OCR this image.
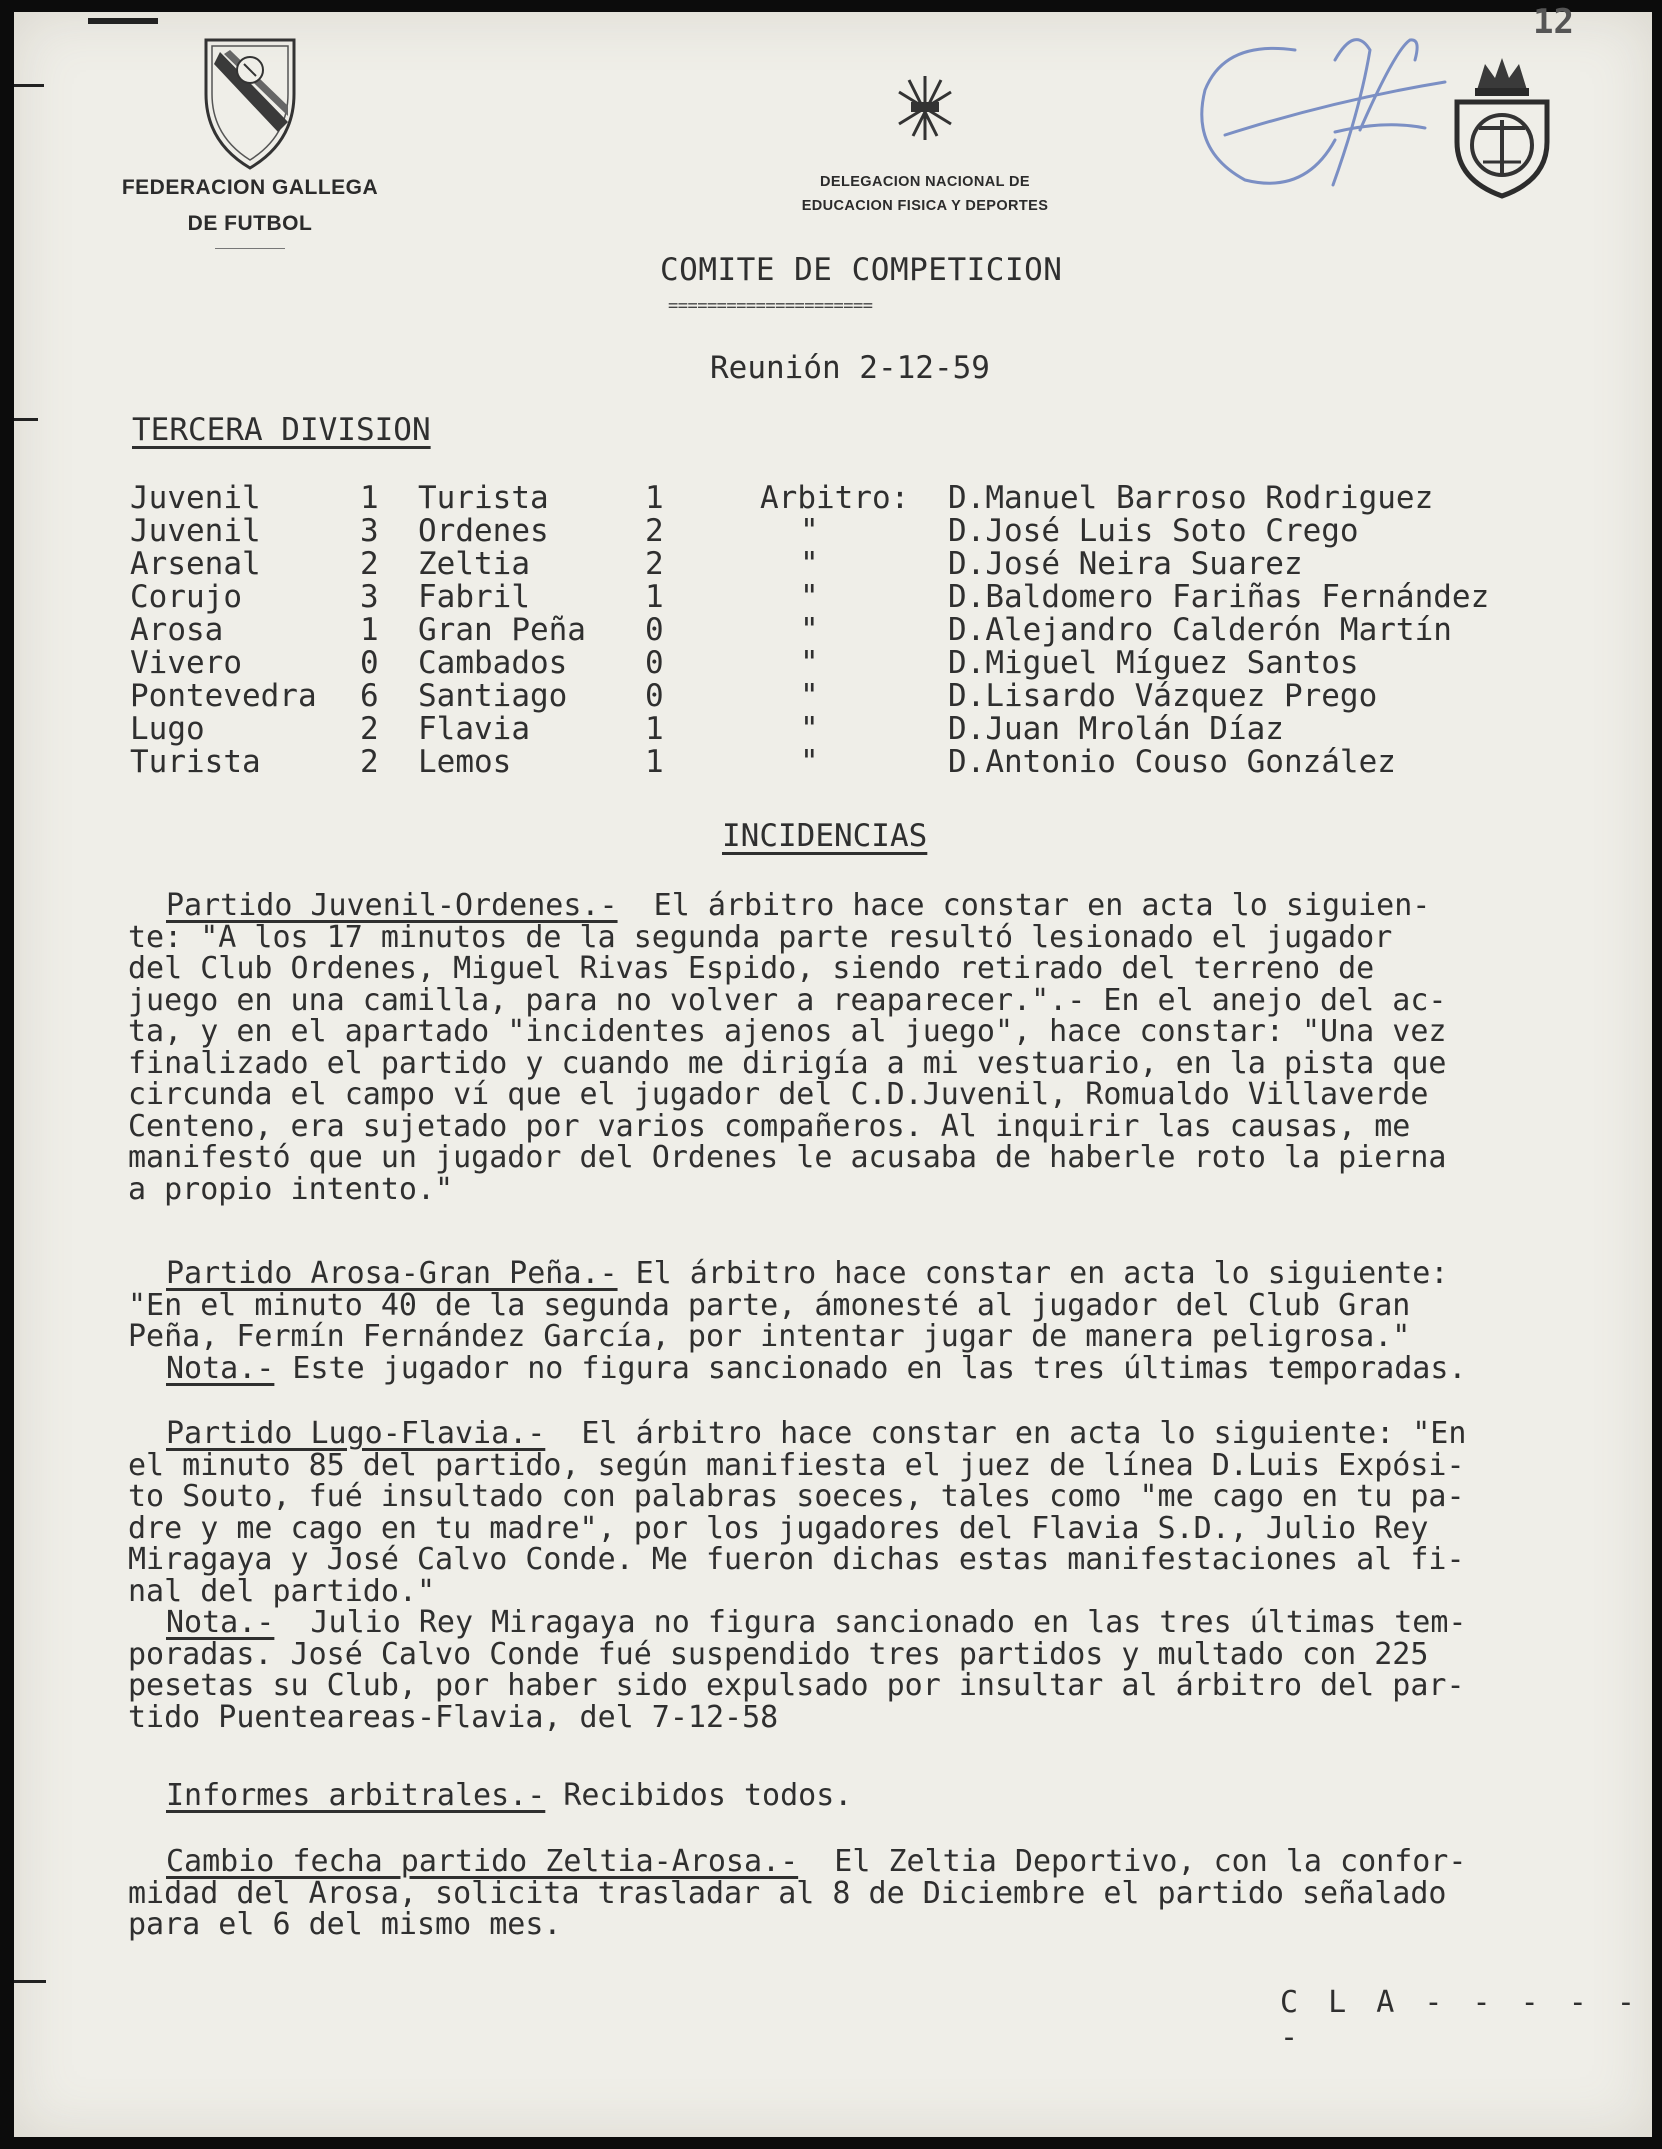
FEDERACION GALLEGA
DE FUTBOL
DELEGACION NACIONAL DE
EDUCACION FISICA Y DEPORTES
12
COMITE DE COMPETICION
=====================
Reunión 2-12-59
TERCERA DIVISION
Juvenil	1 Turista	1	Arbitro: D.Manuel Barroso Rodriguez
Juvenil	3 Ordenes	2	"	D.José Luis Soto Crego
Arsenal	2 Zeltia	2	"	D.José Neira Suarez
Corujo	3 Fabril	1	"	D.Baldomero Fariñas Fernández
Arosa	1 Gran Peña 0	"	D.Alejandro Calderón Martín
Vivero	0 Cambados	0	"	D.Miguel Míguez Santos
Pontevedra 6 Santiago	0	"	D.Lisardo Vázquez Prego
Lugo	2 Flavia	1	"	D.Juan Mrolán Díaz
Turista	2 Lemos	1	"	D.Antonio Couso González
INCIDENCIAS
Partido Juvenil-Ordenes.-  El árbitro hace constar en acta lo siguien-
te: "A los 17 minutos de la segunda parte resultó lesionado el jugador
del Club Ordenes, Miguel Rivas Espido, siendo retirado del terreno de
juego en una camilla, para no volver a reaparecer.".- En el anejo del ac-
ta, y en el apartado "incidentes ajenos al juego", hace constar: "Una vez
finalizado el partido y cuando me dirigía a mi vestuario, en la pista que
circunda el campo ví que el jugador del C.D.Juvenil, Romualdo Villaverde
Centeno, era sujetado por varios compañeros. Al inquirir las causas, me
manifestó que un jugador del Ordenes le acusaba de haberle roto la pierna
a propio intento."
Partido Arosa-Gran Peña.- El árbitro hace constar en acta lo siguiente:
"En el minuto 40 de la segunda parte, ámonesté al jugador del Club Gran
Peña, Fermín Fernández García, por intentar jugar de manera peligrosa."
Nota.- Este jugador no figura sancionado en las tres últimas temporadas.
Partido Lugo-Flavia.-  El árbitro hace constar en acta lo siguiente: "En
el minuto 85 del partido, según manifiesta el juez de línea D.Luis Expósi-
to Souto, fué insultado con palabras soeces, tales como "me cago en tu pa-
dre y me cago en tu madre", por los jugadores del Flavia S.D., Julio Rey
Miragaya y José Calvo Conde. Me fueron dichas estas manifestaciones al fi-
nal del partido."
Nota.-  Julio Rey Miragaya no figura sancionado en las tres últimas tem-
poradas. José Calvo Conde fué suspendido tres partidos y multado con 225
pesetas su Club, por haber sido expulsado por insultar al árbitro del par-
tido Puenteareas-Flavia, del 7-12-58
Informes arbitrales.- Recibidos todos.
Cambio fecha partido Zeltia-Arosa.-  El Zeltia Deportivo, con la confor-
midad del Arosa, solicita trasladar al 8 de Diciembre el partido señalado
para el 6 del mismo mes.
C L A - - - - - -
